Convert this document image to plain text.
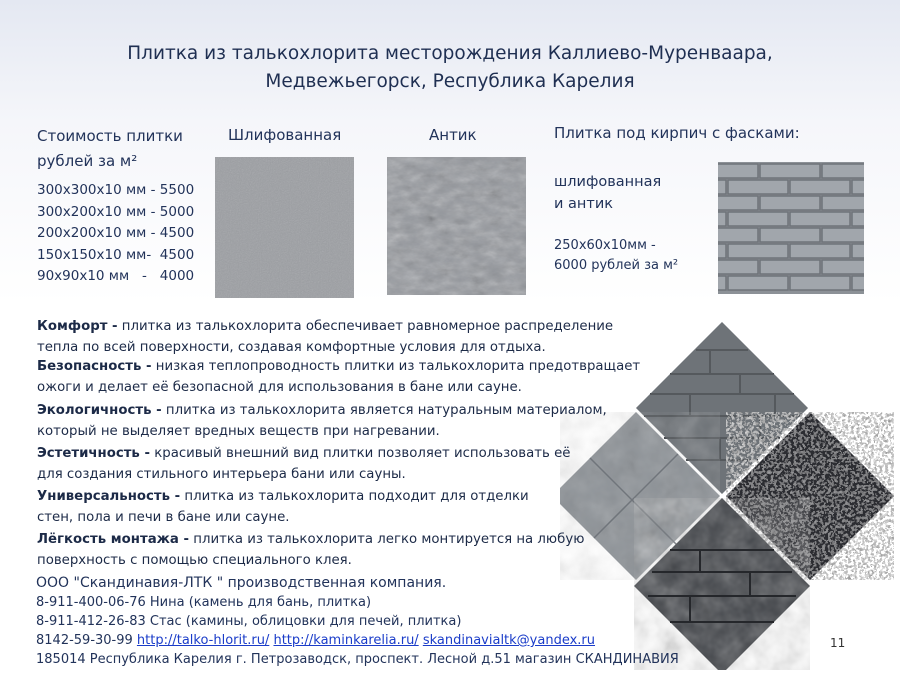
Плитка из талькохлорита месторождения Каллиево-Муренваара,
Медвежьегорск, Республика Карелия
Стоимость плитки
рублей за м²
300х300х10 мм - 5500
300х200х10 мм - 5000
200х200х10 мм - 4500
150х150х10 мм-  4500
90х90х10 мм   -   4000
Шлифованная	Антик	Плитка под кирпич с фасками:
шлифованная
и антик
250х60х10мм -
6000 рублей за м²
Комфорт - плитка из талькохлорита обеспечивает равномерное распределение тепла по всей поверхности, создавая комфортные условия для отдыха.
Безопасность - низкая теплопроводность плитки из талькохлорита предотвращает ожоги и делает её безопасной для использования в бане или сауне.
Экологичность - плитка из талькохлорита является натуральным материалом, который не выделяет вредных веществ при нагревании.
Эстетичность - красивый внешний вид плитки позволяет использовать её для создания стильного интерьера бани или сауны.
Универсальность - плитка из талькохлорита подходит для отделки стен, пола и печи в бане или сауне.
Лёгкость монтажа - плитка из талькохлорита легко монтируется на любую поверхность с помощью специального клея.
ООО "Скандинавия-ЛТК " производственная компания.
8-911-400-06-76 Нина (камень для бань, плитка)
8-911-412-26-83 Стас (камины, облицовки для печей, плитка)
8142-59-30-99 http://talko-hlorit.ru/ http://kaminkarelia.ru/ skandinavialtk@yandex.ru
185014 Республика Карелия г. Петрозаводск, проспект. Лесной д.51 магазин СКАНДИНАВИЯ
11
